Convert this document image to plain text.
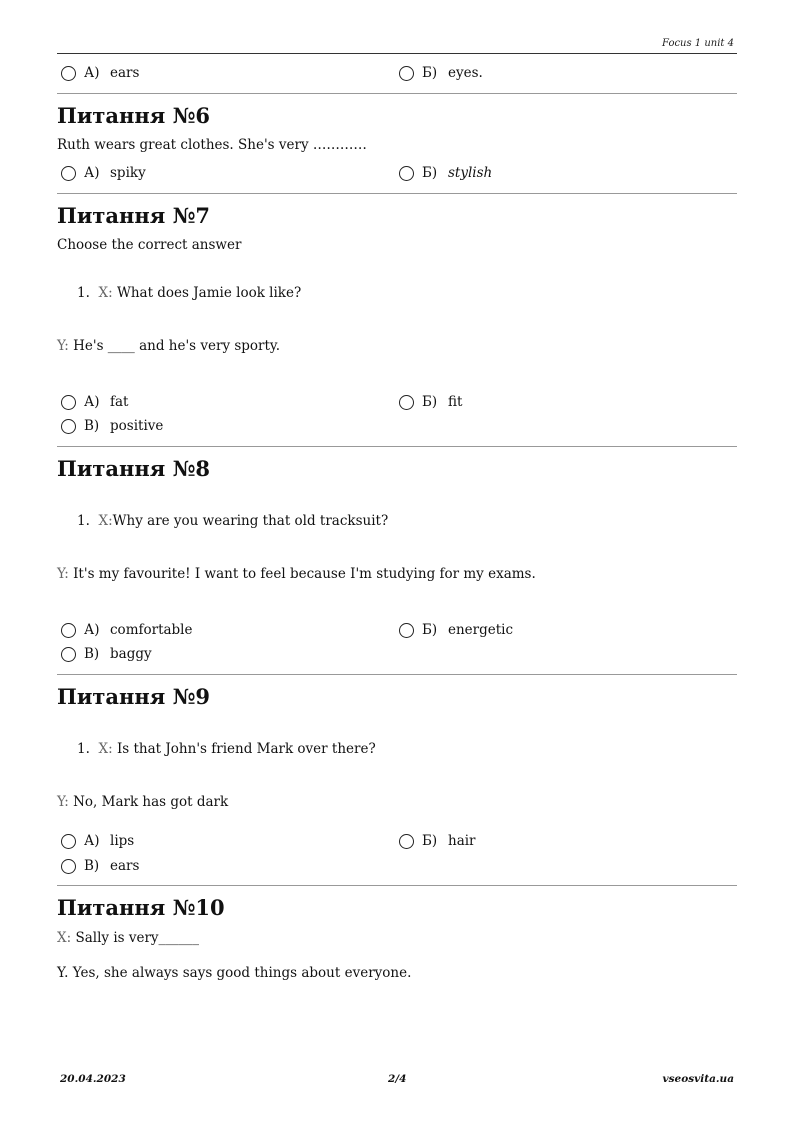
Focus 1 unit 4
А) ears	Б) eyes.
Питання №6
Ruth wears great clothes. She's very …………
А) spiky	Б) stylish
Питання №7
Choose the correct answer
1. X: What does Jamie look like?
Y: He's ____ and he's very sporty.
А) fat	Б) fit
В) positive
Питання №8
1. X:Why are you wearing that old tracksuit?
Y: It's my favourite! I want to feel because I'm studying for my exams.
А) comfortable	Б) energetic
В) baggy
Питання №9
1. X: Is that John's friend Mark over there?
Y: No, Mark has got dark
А) lips	Б) hair
В) ears
Питання №10
X: Sally is very______
Y. Yes, she always says good things about everyone.
20.04.2023	2/4	vseosvita.ua
